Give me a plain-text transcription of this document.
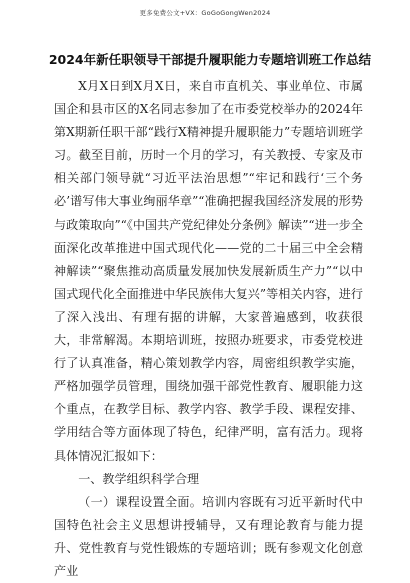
更多免费公文+VX：GoGoGongWen2024
2024年新任职领导干部提升履职能力专题培训班工作总结

X月X日到X月X日，来自市直机关、事业单位、市属国企和县市区的X名同志参加了在市委党校举办的2024年第X期新任职干部“践行X精神提升履职能力”专题培训班学习。截至目前，历时一个月的学习，有关教授、专家及市相关部门领导就“习近平法治思想”“牢记和践行‘三个务必’谱写伟大事业绚丽华章”“准确把握我国经济发展的形势与政策取向”“《中国共产党纪律处分条例》解读”“进一步全面深化改革推进中国式现代化——党的二十届三中全会精神解读”“聚焦推动高质量发展加快发展新质生产力”“以中国式现代化全面推进中华民族伟大复兴”等相关内容，进行了深入浅出、有理有据的讲解，大家普遍感到，收获很大，非常解渴。本期培训班，按照办班要求，市委党校进行了认真准备，精心策划教学内容，周密组织教学实施，严格加强学员管理，围绕加强干部党性教育、履职能力这个重点，在教学目标、教学内容、教学手段、课程安排、学用结合等方面体现了特色，纪律严明，富有活力。现将具体情况汇报如下：

一、教学组织科学合理

（一）课程设置全面。培训内容既有习近平新时代中国特色社会主义思想讲授辅导，又有理论教育与能力提升、党性教育与党性锻炼的专题培训；既有参观文化创意产业
